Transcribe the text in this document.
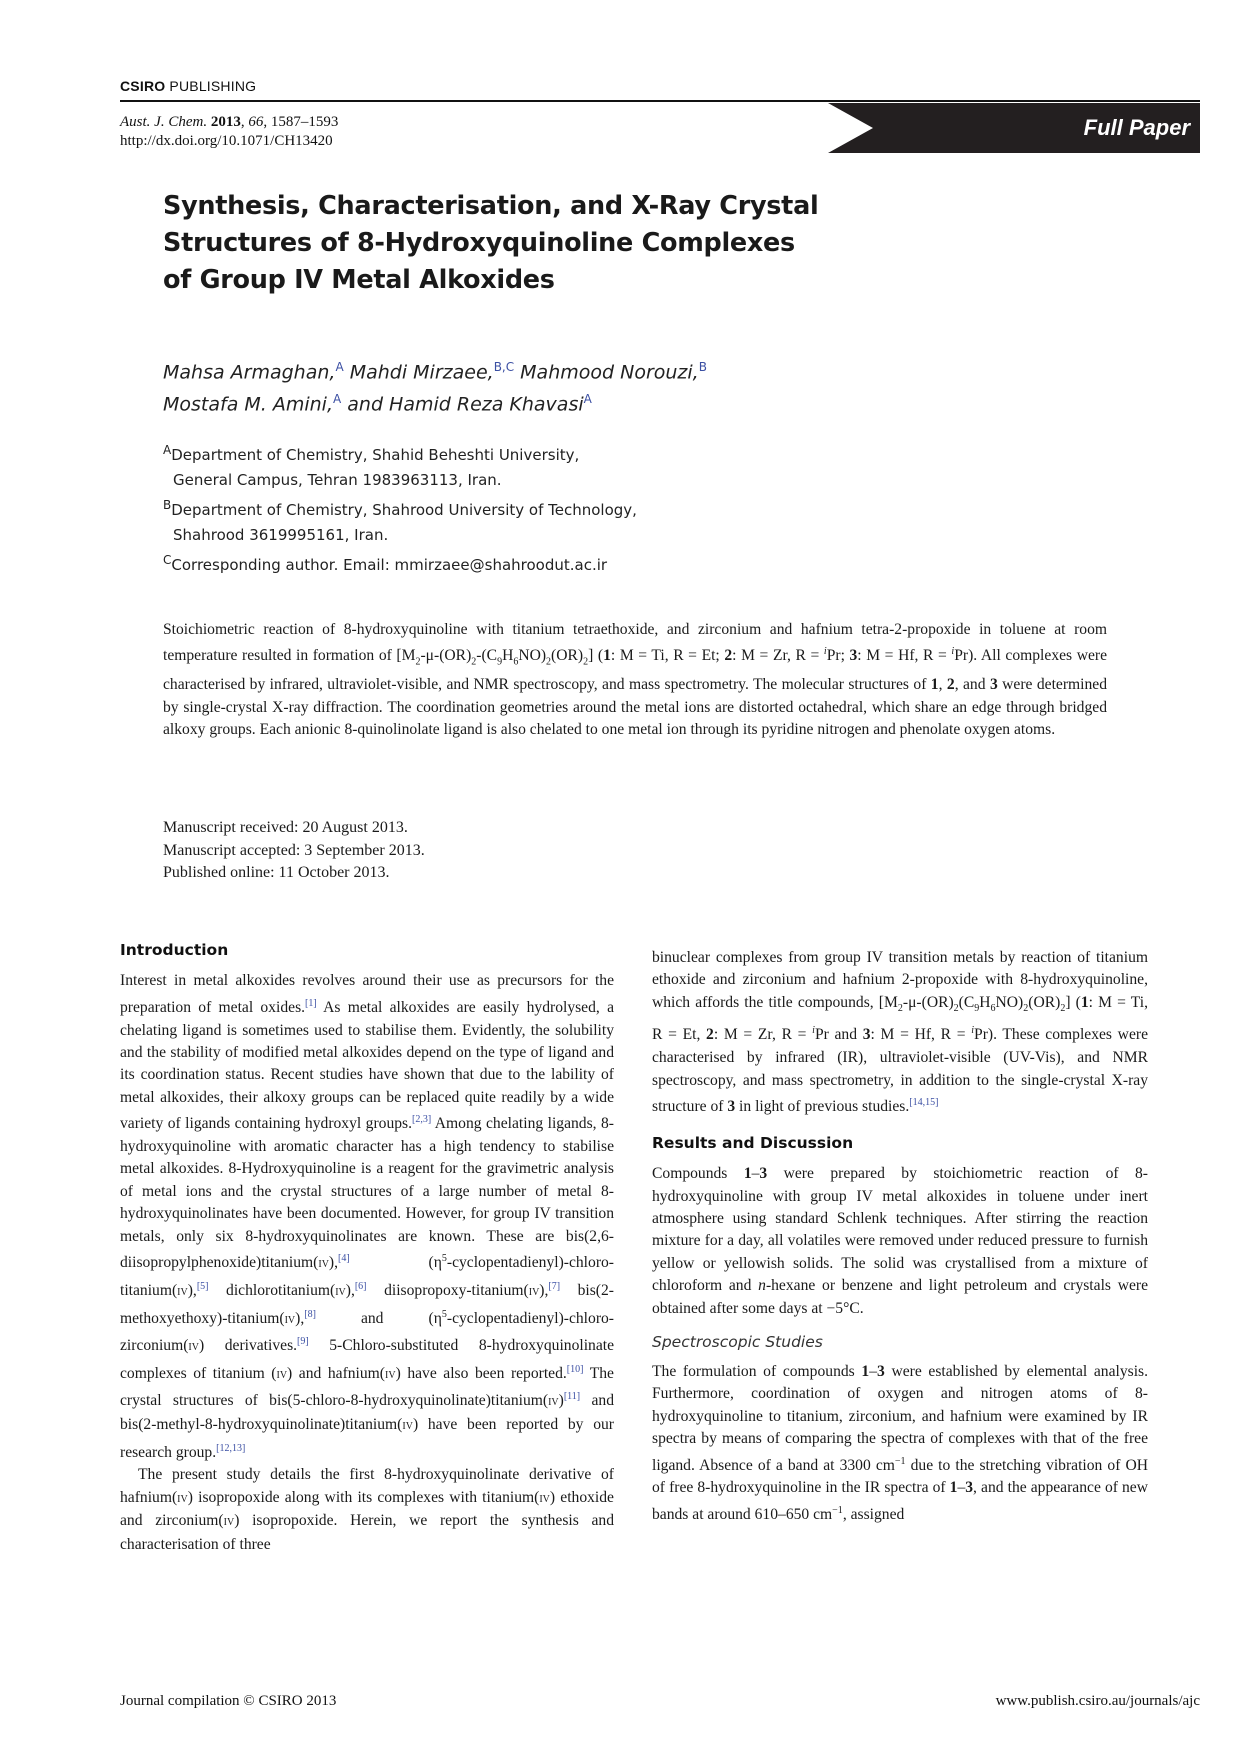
CSIRO PUBLISHING
Aust. J. Chem. 2013, 66, 1587–1593
http://dx.doi.org/10.1071/CH13420
Full Paper
Synthesis, Characterisation, and X-Ray Crystal
Structures of 8-Hydroxyquinoline Complexes
of Group IV Metal Alkoxides
Mahsa Armaghan,$^A$ Mahdi Mirzaee,$^{B,C}$ Mahmood Norouzi,$^B$
Mostafa M. Amini,$^A$ and Hamid Reza Khavasi$^A$
$^A$Department of Chemistry, Shahid Beheshti University,
General Campus, Tehran 1983963113, Iran.
$^B$Department of Chemistry, Shahrood University of Technology,
Shahrood 3619995161, Iran.
$^C$Corresponding author. Email: mmirzaee@shahroodut.ac.ir
Stoichiometric reaction of 8-hydroxyquinoline with titanium tetraethoxide, and zirconium and hafnium tetra-2-propoxide in toluene at room temperature resulted in formation of $[M_2-\mu-(OR)_2-(C_9H_6NO)_2(OR)_2]$ (1: M = Ti, R = Et; 2: M = Zr, R = $^i$Pr; 3: M = Hf, R = $^i$Pr). All complexes were characterised by infrared, ultraviolet-visible, and NMR spectroscopy, and mass spectrometry. The molecular structures of 1, 2, and 3 were determined by single-crystal X-ray diffraction. The coordination geometries around the metal ions are distorted octahedral, which share an edge through bridged alkoxy groups. Each anionic 8-quinolinolate ligand is also chelated to one metal ion through its pyridine nitrogen and phenolate oxygen atoms.
Manuscript received: 20 August 2013.
Manuscript accepted: 3 September 2013.
Published online: 11 October 2013.
Introduction

Interest in metal alkoxides revolves around their use as precursors for the preparation of metal oxides.[1] As metal alkoxides are easily hydrolysed, a chelating ligand is sometimes used to stabilise them. Evidently, the solubility and the stability of modified metal alkoxides depend on the type of ligand and its coordination status. Recent studies have shown that due to the lability of metal alkoxides, their alkoxy groups can be replaced quite readily by a wide variety of ligands containing hydroxyl groups.[2,3] Among chelating ligands, 8-hydroxyquinoline with aromatic character has a high tendency to stabilise metal alkoxides. 8-Hydroxyquinoline is a reagent for the gravimetric analysis of metal ions and the crystal structures of a large number of metal 8-hydroxyquinolinates have been documented. However, for group IV transition metals, only six 8-hydroxyquinolinates are known. These are bis(2,6-diisopropylphenoxide)titanium(iv),[4] $(\eta^5-cyclopentadienyl)-chloro-titanium(iv),[5]$ dichlorotitanium(iv),[6] diisopropoxy-titanium(iv),[7] bis(2-methoxyethoxy)-titanium(iv),[8] and $(\eta^5-cyclopentadienyl)-chloro-zirconium(iv)$ derivatives.[9] 5-Chloro-substituted 8-hydroxyquinolinate complexes of titanium (iv) and hafnium(iv) have also been reported.[10] The crystal structures of bis(5-chloro-8-hydroxyquinolinate)titanium(iv)[11] and bis(2-methyl-8-hydroxyquinolinate)titanium(iv) have been reported by our research group.[12,13]

The present study details the first 8-hydroxyquinolinate derivative of hafnium(iv) isopropoxide along with its complexes with titanium(iv) ethoxide and zirconium(iv) isopropoxide. Herein, we report the synthesis and characterisation of three

binuclear complexes from group IV transition metals by reaction of titanium ethoxide and zirconium and hafnium 2-propoxide with 8-hydroxyquinoline, which affords the title compounds, $[M_2-\mu-(OR)_2(C_9H_6NO)_2(OR)_2]$ (1: M = Ti, R = Et, 2: M = Zr, R = $^i$Pr and 3: M = Hf, R = $^i$Pr). These complexes were characterised by infrared (IR), ultraviolet-visible (UV-Vis), and NMR spectroscopy, and mass spectrometry, in addition to the single-crystal X-ray structure of 3 in light of previous studies.[14,15]

Results and Discussion

Compounds 1–3 were prepared by stoichiometric reaction of 8-hydroxyquinoline with group IV metal alkoxides in toluene under inert atmosphere using standard Schlenk techniques. After stirring the reaction mixture for a day, all volatiles were removed under reduced pressure to furnish yellow or yellowish solids. The solid was crystallised from a mixture of chloroform and n-hexane or benzene and light petroleum and crystals were obtained after some days at −5°C.

Spectroscopic Studies

The formulation of compounds 1–3 were established by elemental analysis. Furthermore, coordination of oxygen and nitrogen atoms of 8-hydroxyquinoline to titanium, zirconium, and hafnium were examined by IR spectra by means of comparing the spectra of complexes with that of the free ligand. Absence of a band at 3300 $cm^{-1}$ due to the stretching vibration of OH of free 8-hydroxyquinoline in the IR spectra of 1–3, and the appearance of new bands at around 610–650 $cm^{-1}$, assigned

Journal compilation © CSIRO 2013	www.publish.csiro.au/journals/ajc
